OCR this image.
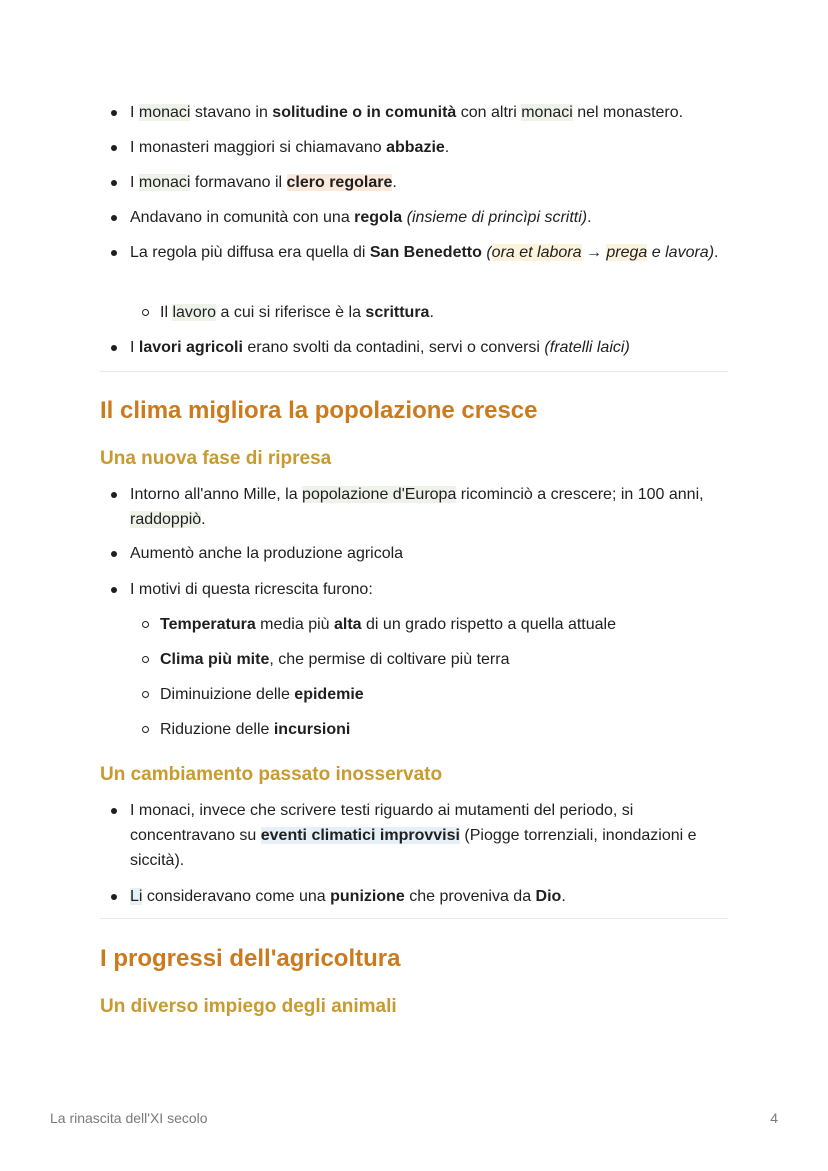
I monaci stavano in solitudine o in comunità con altri monaci nel monastero.
I monasteri maggiori si chiamavano abbazie.
I monaci formavano il clero regolare.
Andavano in comunità con una regola (insieme di princìpi scritti).
La regola più diffusa era quella di San Benedetto (ora et labora → prega e lavora).
Il lavoro a cui si riferisce è la scrittura.
I lavori agricoli erano svolti da contadini, servi o conversi (fratelli laici)
Il clima migliora la popolazione cresce
Una nuova fase di ripresa
Intorno all'anno Mille, la popolazione d'Europa ricominciò a crescere; in 100 anni, raddoppiò.
Aumentò anche la produzione agricola
I motivi di questa ricrescita furono:
Temperatura media più alta di un grado rispetto a quella attuale
Clima più mite, che permise di coltivare più terra
Diminuizione delle epidemie
Riduzione delle incursioni
Un cambiamento passato inosservato
I monaci, invece che scrivere testi riguardo ai mutamenti del periodo, si concentravano su eventi climatici improvvisi (Piogge torrenziali, inondazioni e siccità).
Li consideravano come una punizione che proveniva da Dio.
I progressi dell'agricoltura
Un diverso impiego degli animali
La rinascita dell'XI secolo	4
